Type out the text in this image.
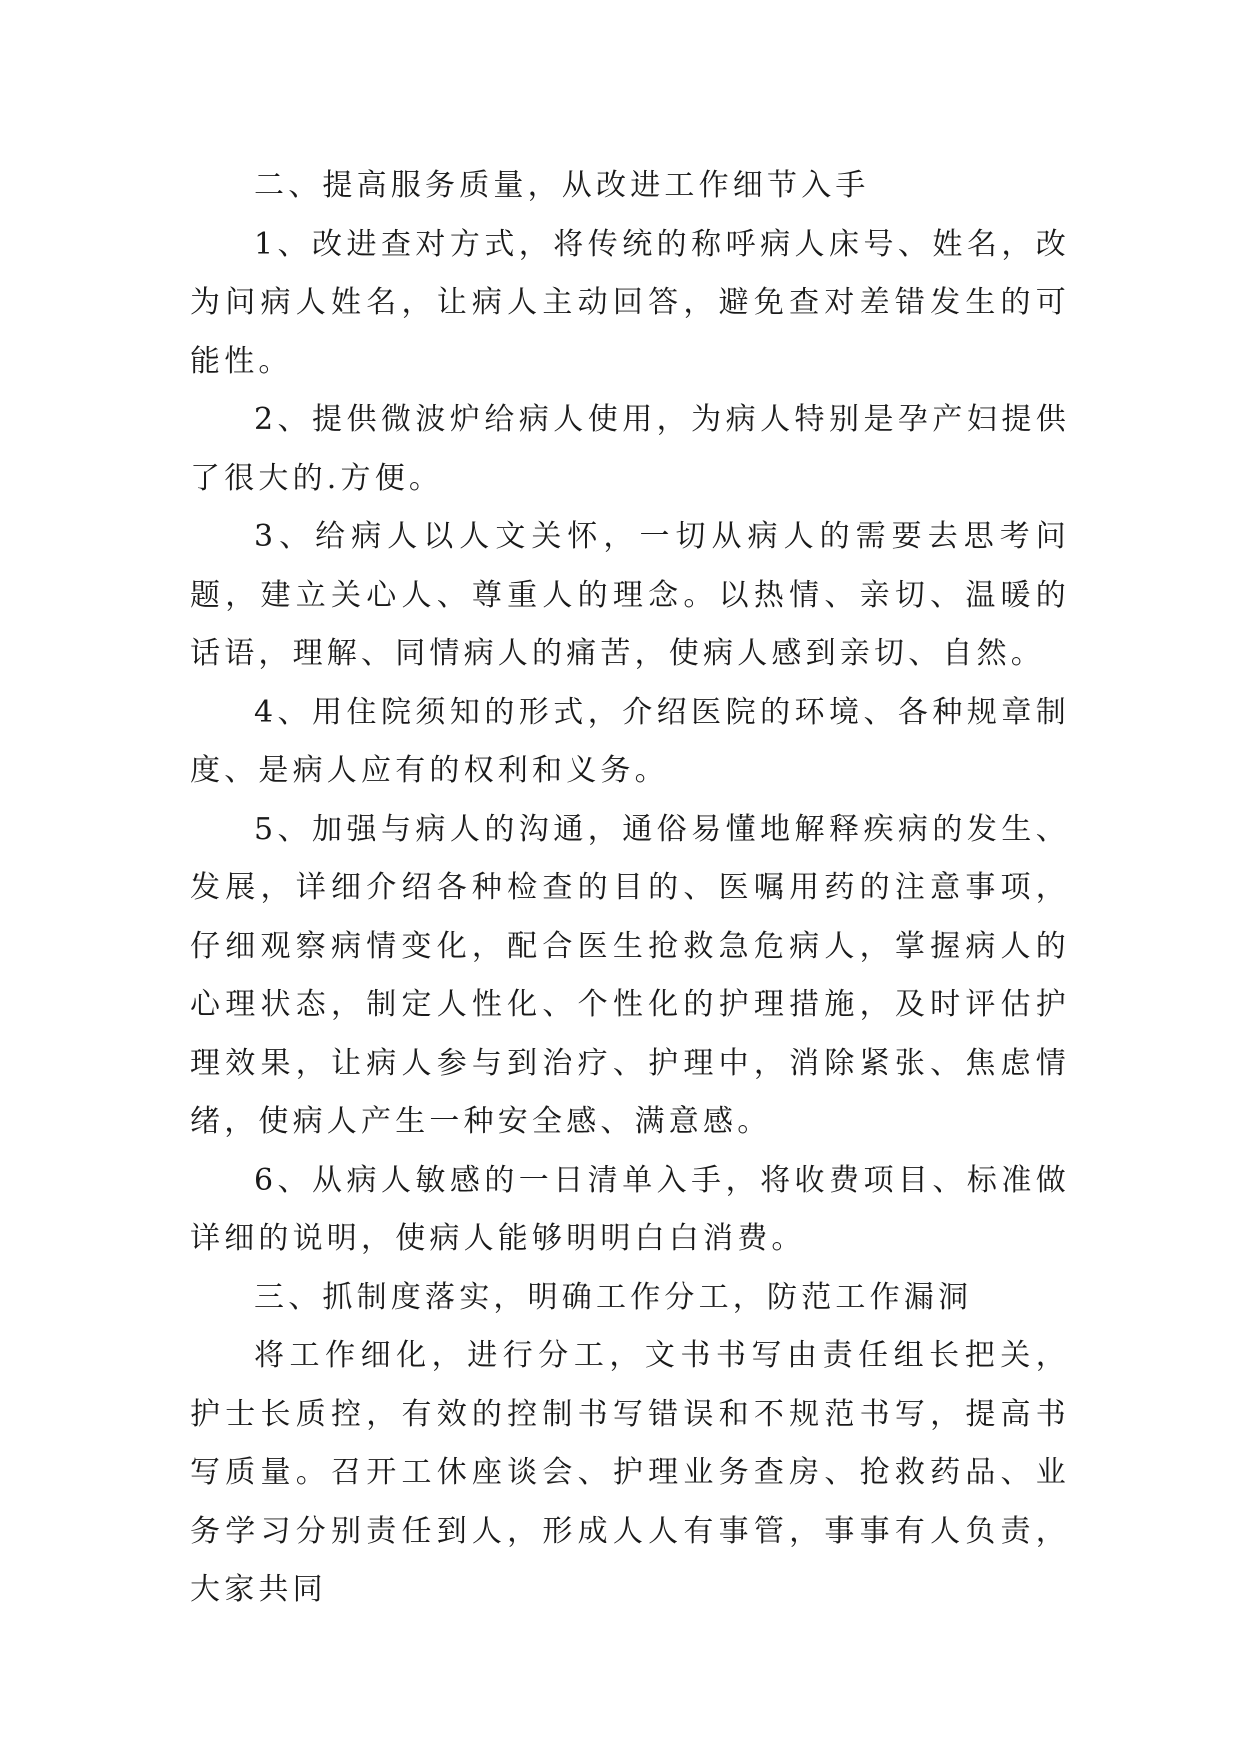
二、提高服务质量，从改进工作细节入手

1、改进查对方式，将传统的称呼病人床号、姓名，改为问病人姓名，让病人主动回答，避免查对差错发生的可能性。

2、提供微波炉给病人使用，为病人特别是孕产妇提供了很大的.方便。

3、给病人以人文关怀，一切从病人的需要去思考问题，建立关心人、尊重人的理念。以热情、亲切、温暖的话语，理解、同情病人的痛苦，使病人感到亲切、自然。

4、用住院须知的形式，介绍医院的环境、各种规章制度、是病人应有的权利和义务。

5、加强与病人的沟通，通俗易懂地解释疾病的发生、发展，详细介绍各种检查的目的、医嘱用药的注意事项，仔细观察病情变化，配合医生抢救急危病人，掌握病人的心理状态，制定人性化、个性化的护理措施，及时评估护理效果，让病人参与到治疗、护理中，消除紧张、焦虑情绪，使病人产生一种安全感、满意感。

6、从病人敏感的一日清单入手，将收费项目、标准做详细的说明，使病人能够明明白白消费。

三、抓制度落实，明确工作分工，防范工作漏洞

将工作细化，进行分工，文书书写由责任组长把关，护士长质控，有效的控制书写错误和不规范书写，提高书写质量。召开工休座谈会、护理业务查房、抢救药品、业务学习分别责任到人，形成人人有事管，事事有人负责，大家共同
